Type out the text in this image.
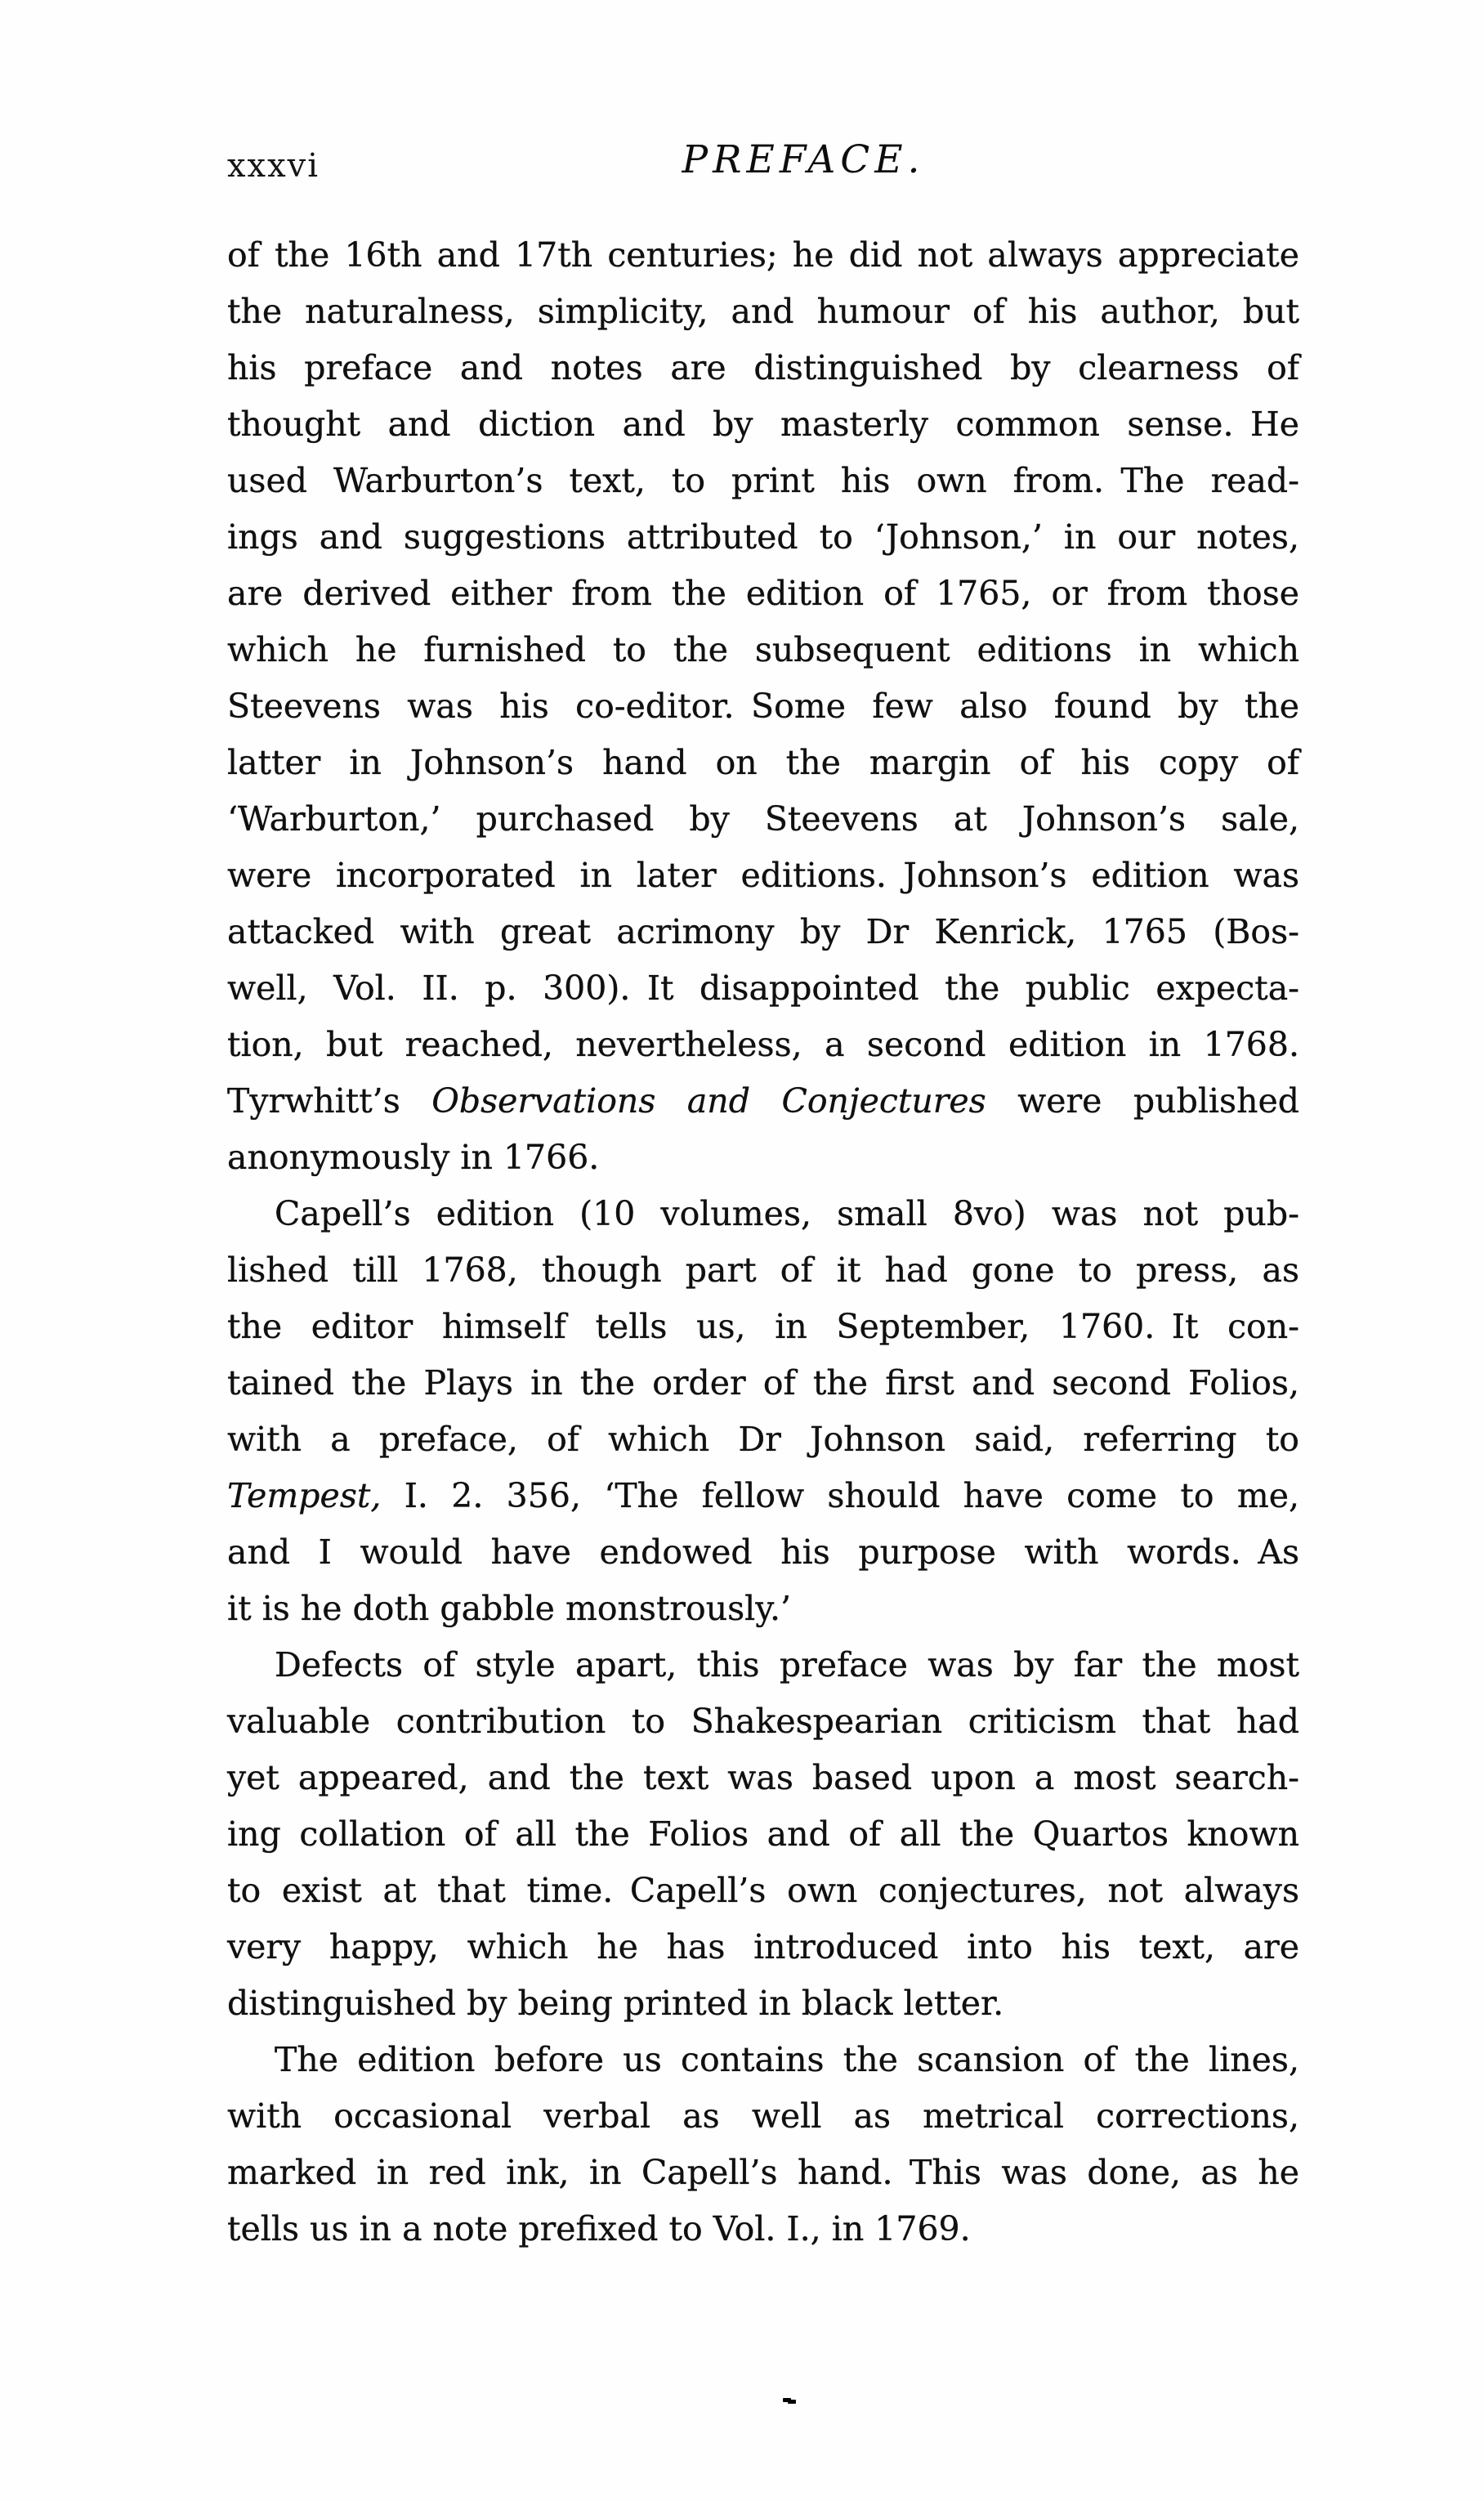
xxxvi	PREFACE.
of the 16th and 17th centuries; he did not always appreciate
the naturalness, simplicity, and humour of his author, but
his preface and notes are distinguished by clearness of
thought and diction and by masterly common sense. He
used Warburton’s text, to print his own from. The read-
ings and suggestions attributed to ‘Johnson,’ in our notes,
are derived either from the edition of 1765, or from those
which he furnished to the subsequent editions in which
Steevens was his co-editor. Some few also found by the
latter in Johnson’s hand on the margin of his copy of
‘Warburton,’ purchased by Steevens at Johnson’s sale,
were incorporated in later editions. Johnson’s edition was
attacked with great acrimony by Dr Kenrick, 1765 (Bos-
well, Vol. II. p. 300). It disappointed the public expecta-
tion, but reached, nevertheless, a second edition in 1768.
Tyrwhitt’s Observations and Conjectures were published
anonymously in 1766.
Capell’s edition (10 volumes, small 8vo) was not pub-
lished till 1768, though part of it had gone to press, as
the editor himself tells us, in September, 1760. It con-
tained the Plays in the order of the first and second Folios,
with a preface, of which Dr Johnson said, referring to
Tempest, I. 2. 356, ‘The fellow should have come to me,
and I would have endowed his purpose with words. As
it is he doth gabble monstrously.’
Defects of style apart, this preface was by far the most
valuable contribution to Shakespearian criticism that had
yet appeared, and the text was based upon a most search-
ing collation of all the Folios and of all the Quartos known
to exist at that time. Capell’s own conjectures, not always
very happy, which he has introduced into his text, are
distinguished by being printed in black letter.
The edition before us contains the scansion of the lines,
with occasional verbal as well as metrical corrections,
marked in red ink, in Capell’s hand. This was done, as he
tells us in a note prefixed to Vol. I., in 1769.
